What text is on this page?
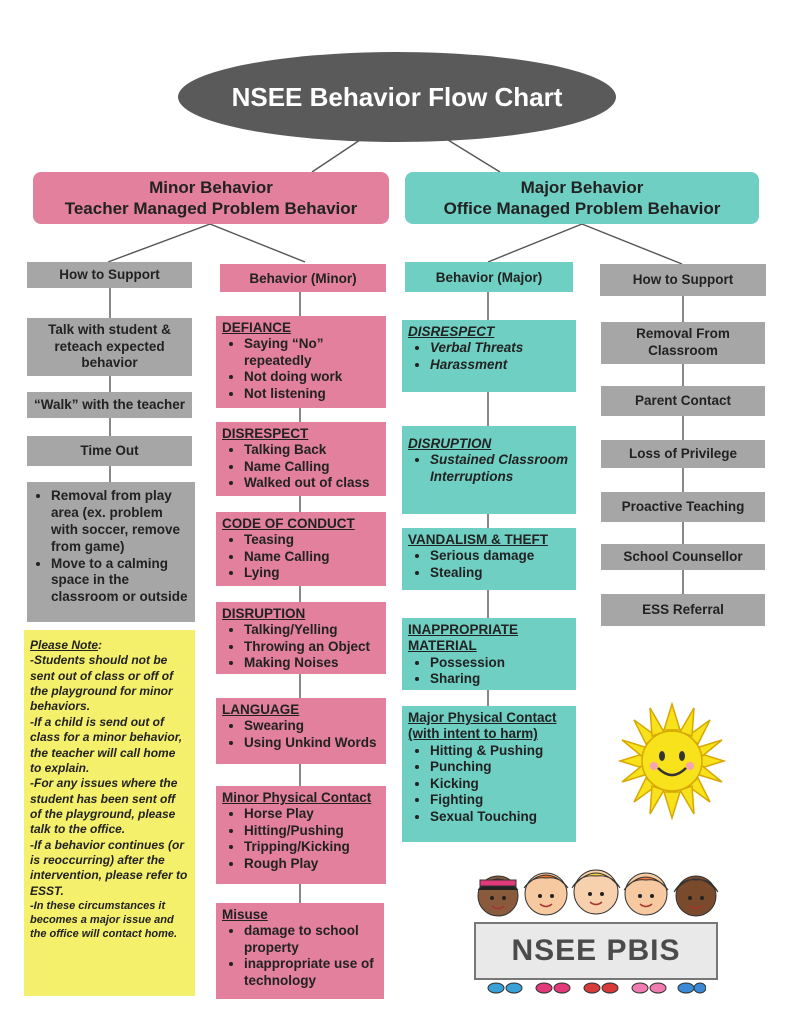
NSEE Behavior Flow Chart
Minor Behavior
Teacher Managed Problem Behavior
Major Behavior
Office Managed Problem Behavior
How to Support	Behavior (Minor)	Behavior (Major)	How to Support
Talk with student &
reteach expected
behavior
“Walk” with the teacher
Time Out
• Removal from play area (ex. problem with soccer, remove from game)
• Move to a calming space in the classroom or outside
DEFIANCE
• Saying “No” repeatedly
• Not doing work
• Not listening
DISRESPECT
• Talking Back
• Name Calling
• Walked out of class
CODE OF CONDUCT
• Teasing
• Name Calling
• Lying
DISRUPTION
• Talking/Yelling
• Throwing an Object
• Making Noises
LANGUAGE
• Swearing
• Using Unkind Words
Minor Physical Contact
• Horse Play
• Hitting/Pushing
• Tripping/Kicking
• Rough Play
Misuse
• damage to school property
• inappropriate use of technology
DISRESPECT
• Verbal Threats
• Harassment
DISRUPTION
• Sustained Classroom Interruptions
VANDALISM & THEFT
• Serious damage
• Stealing
INAPPROPRIATE MATERIAL
• Possession
• Sharing
Major Physical Contact
(with intent to harm)
• Hitting & Pushing
• Punching
• Kicking
• Fighting
• Sexual Touching
Removal From Classroom
Parent Contact
Loss of Privilege
Proactive Teaching
School Counsellor
ESS Referral
Please Note:

-Students should not be sent out of class or off of the playground for minor behaviors.

-If a child is send out of class for a minor behavior, the teacher will call home to explain.

-For any issues where the student has been sent off of the playground, please talk to the office.

-If a behavior continues (or is reoccurring) after the intervention, please refer to ESST.

-In these circumstances it becomes a major issue and the office will contact home.	NSEE PBIS
